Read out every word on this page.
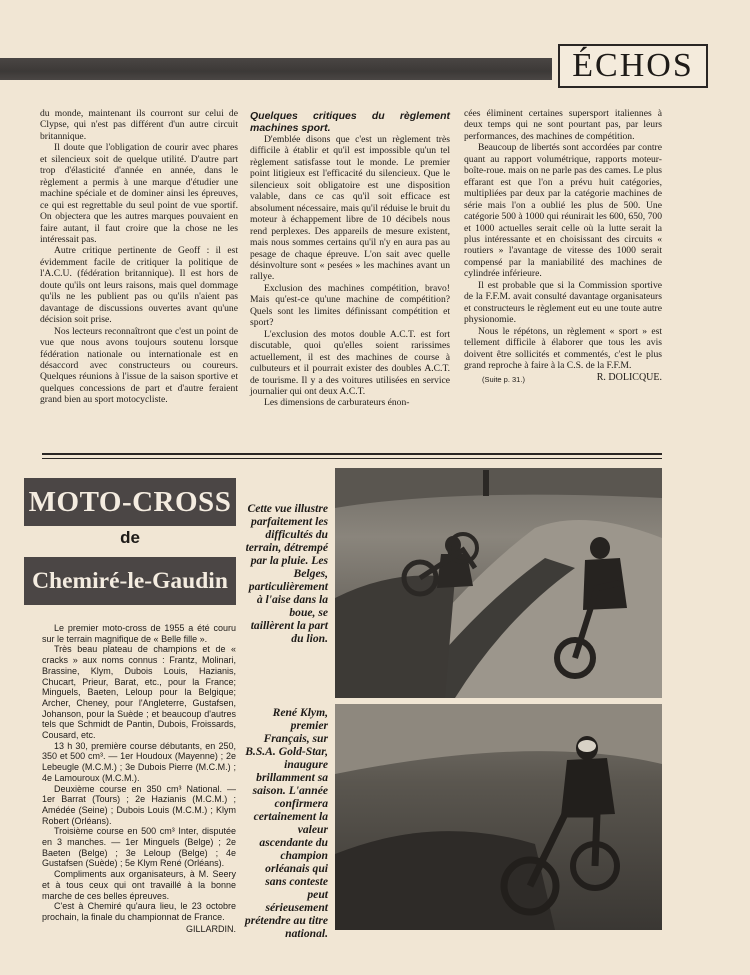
ÉCHOS

du monde, maintenant ils courront sur celui de Clypse, qui n'est pas différent d'un autre circuit britannique.

Il doute que l'obligation de courir avec phares et silencieux soit de quelque utilité. D'autre part trop d'élasticité d'année en année, dans le règlement a permis à une marque d'étudier une machine spéciale et de dominer ainsi les épreuves, ce qui est regrettable du seul point de vue sportif. On objectera que les autres marques pouvaient en faire autant, il faut croire que la chose ne les intéressait pas.

Autre critique pertinente de Geoff : il est évidemment facile de critiquer la politique de l'A.C.U. (fédération britannique). Il est hors de doute qu'ils ont leurs raisons, mais quel dommage qu'ils ne les publient pas ou qu'ils n'aient pas davantage de discussions ouvertes avant qu'une décision soit prise.

Nos lecteurs reconnaîtront que c'est un point de vue que nous avons toujours soutenu lorsque fédération nationale ou internationale est en désaccord avec constructeurs ou coureurs. Quelques réunions à l'issue de la saison sportive et quelques concessions de part et d'autre feraient grand bien au sport motocycliste.

Quelques critiques du règlement machines sport.

D'emblée disons que c'est un règlement très difficile à établir et qu'il est impossible qu'un tel règlement satisfasse tout le monde. Le premier point litigieux est l'efficacité du silencieux. Que le silencieux soit obligatoire est une disposition valable, dans ce cas qu'il soit efficace est absolument nécessaire, mais qu'il réduise le bruit du moteur à échappement libre de 10 décibels nous rend perplexes. Des appareils de mesure existent, mais nous sommes certains qu'il n'y en aura pas au pesage de chaque épreuve. L'on sait avec quelle désinvolture sont « pesées » les machines avant un rallye.

Exclusion des machines compétition, bravo! Mais qu'est-ce qu'une machine de compétition? Quels sont les limites définissant compétition et sport?

L'exclusion des motos double A.C.T. est fort discutable, quoi qu'elles soient rarissimes actuellement, il est des machines de course à culbuteurs et il pourrait exister des doubles A.C.T. de tourisme. Il y a des voitures utilisées en service journalier qui ont deux A.C.T.

Les dimensions de carburateurs énon-

cées éliminent certaines supersport italiennes à deux temps qui ne sont pourtant pas, par leurs performances, des machines de compétition.

Beaucoup de libertés sont accordées par contre quant au rapport volumétrique, rapports moteur-boîte-roue. mais on ne parle pas des cames. Le plus effarant est que l'on a prévu huit catégories, multipliées par deux par la catégorie machines de série mais l'on a oublié les plus de 500. Une catégorie 500 à 1000 qui réunirait les 600, 650, 700 et 1000 actuelles serait celle où la lutte serait la plus intéressante et en choisissant des circuits « routiers » l'avantage de vitesse des 1000 serait compensé par la maniabilité des machines de cylindrée inférieure.

Il est probable que si la Commission sportive de la F.F.M. avait consulté davantage organisateurs et constructeurs le règlement eut eu une toute autre physionomie.

Nous le répétons, un règlement « sport » est tellement difficile à élaborer que tous les avis doivent être sollicités et commentés, c'est le plus grand reproche à faire à la C.S. de la F.F.M.

(Suite p. 31.)	R. DOLICQUE.
MOTO-CROSS
de
Chemiré-le-Gaudin

Le premier moto-cross de 1955 a été couru sur le terrain magnifique de « Belle fille ».

Très beau plateau de champions et de « cracks » aux noms connus : Frantz, Molinari, Brassine, Klym, Dubois Louis, Hazianis, Chucart, Prieur, Barat, etc., pour la France; Minguels, Baeten, Leloup pour la Belgique; Archer, Cheney, pour l'Angleterre, Gustafsen, Johanson, pour la Suède ; et beaucoup d'autres tels que Schmidt de Pantin, Dubois, Froissards, Cousard, etc.

13 h 30, première course débutants, en 250, 350 et 500 cm³. — 1er Houdoux (Mayenne) ; 2e Lebeugle (M.C.M.) ; 3e Dubois Pierre (M.C.M.) ; 4e Lamouroux (M.C.M.).

Deuxième course en 350 cm³ National. — 1er Barrat (Tours) ; 2e Hazianis (M.C.M.) ; Amédée (Seine) ; Dubois Louis (M.C.M.) ; Klym Robert (Orléans).

Troisième course en 500 cm³ Inter, disputée en 3 manches. — 1er Minguels (Belge) ; 2e Baeten (Belge) ; 3e Leloup (Belge) ; 4e Gustafsen (Suède) ; 5e Klym René (Orléans).

Compliments aux organisateurs, à M. Seery et à tous ceux qui ont travaillé à la bonne marche de ces belles épreuves.

C'est à Chemiré qu'aura lieu, le 23 octobre prochain, la finale du championnat de France.

GILLARDIN.

Cette vue illustre parfaitement les difficultés du terrain, détrempé par la pluie. Les Belges, particulièrement à l'aise dans la boue, se taillèrent la part du lion.
René Klym, premier Français, sur B.S.A. Gold-Star, inaugure brillamment sa saison. L'année confirmera certainement la valeur ascendante du champion orléanais qui sans conteste peut sérieusement prétendre au titre national.
